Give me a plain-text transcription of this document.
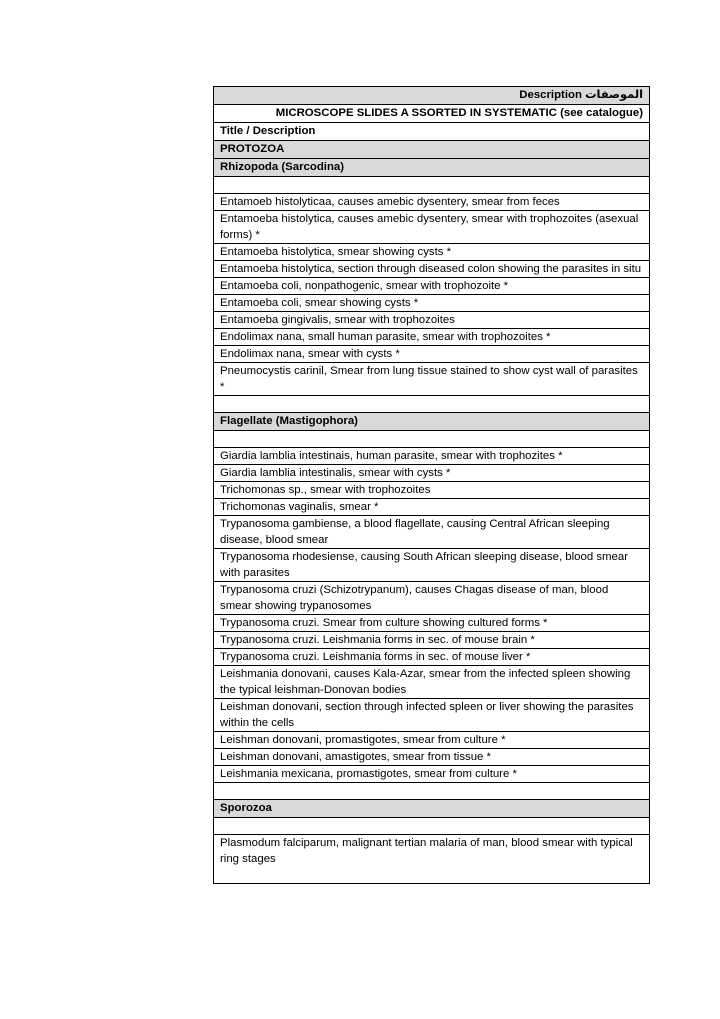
Description الموصفات
MICROSCOPE SLIDES A SSORTED IN SYSTEMATIC (see catalogue)
Title / Description
PROTOZOA
Rhizopoda (Sarcodina)

Entamoeb histolyticaa, causes amebic dysentery, smear from feces
Entamoeba histolytica, causes amebic dysentery, smear with trophozoites (asexual forms) *
Entamoeba histolytica, smear showing cysts *
Entamoeba histolytica, section through diseased colon showing the parasites in situ
Entamoeba coli, nonpathogenic, smear with trophozoite *
Entamoeba coli, smear showing cysts *
Entamoeba gingivalis, smear with trophozoites
Endolimax nana, small human parasite, smear with trophozoites *
Endolimax nana, smear with cysts *
Pneumocystis carinil, Smear from lung tissue stained to show cyst wall of parasites *

Flagellate (Mastigophora)

Giardia lamblia intestinais, human parasite, smear with trophozites *
Giardia lamblia intestinalis, smear with cysts *
Trichomonas sp., smear with trophozoites
Trichomonas vaginalis, smear *
Trypanosoma gambiense, a blood flagellate, causing Central African sleeping disease, blood smear
Trypanosoma rhodesiense, causing South African sleeping disease, blood smear with parasites
Trypanosoma cruzi (Schizotrypanum), causes Chagas disease of man, blood smear showing trypanosomes
Trypanosoma cruzi. Smear from culture showing cultured forms *
Trypanosoma cruzi. Leishmania forms in sec. of mouse brain *
Trypanosoma cruzi. Leishmania forms in sec. of mouse liver *
Leishmania donovani, causes Kala-Azar, smear from the infected spleen showing the typical leishman-Donovan bodies
Leishman donovani, section through infected spleen or liver showing the parasites within the cells
Leishman donovani, promastigotes, smear from culture *
Leishman donovani, amastigotes, smear from tissue *
Leishmania mexicana, promastigotes, smear from culture *

Sporozoa

Plasmodum falciparum, malignant tertian malaria of man, blood smear with typical ring stages
